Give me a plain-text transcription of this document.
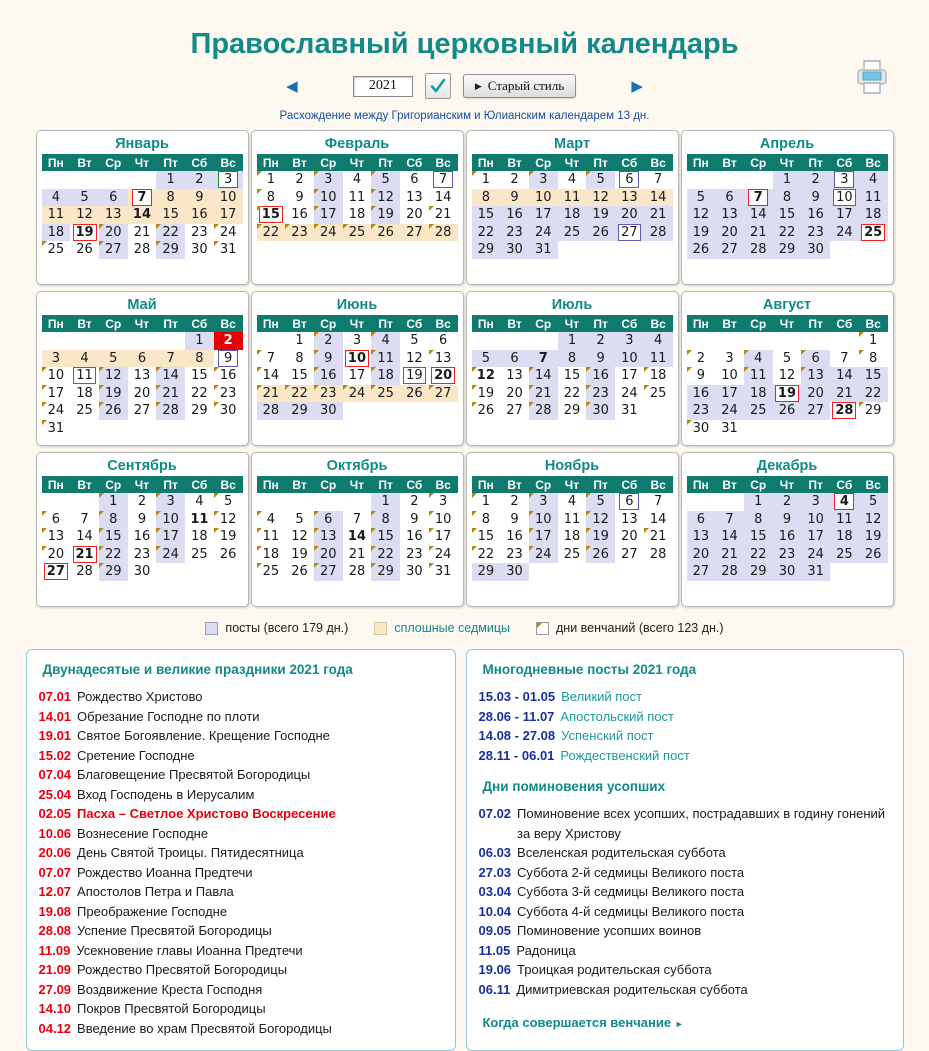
Православный церковный календарь
◀
2021	▶ Старый стиль	▶
Расхождение между Григорианским и Юлианским календарем 13 дн.
Январь
Пн	Вт	Ср	Чт	Пт	Сб	Вс
				1	2	3
4	5	6	7	8	9	10
11	12	13	14	15	16	17
18	19	20	21	22	23	24
25	26	27	28	29	30	31

Февраль
Пн	Вт	Ср	Чт	Пт	Сб	Вс
1	2	3	4	5	6	7
8	9	10	11	12	13	14
15	16	17	18	19	20	21
22	23	24	25	26	27	28

Март
Пн	Вт	Ср	Чт	Пт	Сб	Вс
1	2	3	4	5	6	7
8	9	10	11	12	13	14
15	16	17	18	19	20	21
22	23	24	25	26	27	28
29	30	31				

Апрель
Пн	Вт	Ср	Чт	Пт	Сб	Вс
			1	2	3	4
5	6	7	8	9	10	11
12	13	14	15	16	17	18
19	20	21	22	23	24	25
26	27	28	29	30		

Май
Пн	Вт	Ср	Чт	Пт	Сб	Вс
					1	2
3	4	5	6	7	8	9
10	11	12	13	14	15	16
17	18	19	20	21	22	23
24	25	26	27	28	29	30
31						
Июнь
Пн	Вт	Ср	Чт	Пт	Сб	Вс
	1	2	3	4	5	6
7	8	9	10	11	12	13
14	15	16	17	18	19	20
21	22	23	24	25	26	27
28	29	30				

Июль
Пн	Вт	Ср	Чт	Пт	Сб	Вс
			1	2	3	4
5	6	7	8	9	10	11
12	13	14	15	16	17	18
19	20	21	22	23	24	25
26	27	28	29	30	31	

Август
Пн	Вт	Ср	Чт	Пт	Сб	Вс
						1
2	3	4	5	6	7	8
9	10	11	12	13	14	15
16	17	18	19	20	21	22
23	24	25	26	27	28	29
30	31					
Сентябрь
Пн	Вт	Ср	Чт	Пт	Сб	Вс
		1	2	3	4	5
6	7	8	9	10	11	12
13	14	15	16	17	18	19
20	21	22	23	24	25	26
27	28	29	30			

Октябрь
Пн	Вт	Ср	Чт	Пт	Сб	Вс
				1	2	3
4	5	6	7	8	9	10
11	12	13	14	15	16	17
18	19	20	21	22	23	24
25	26	27	28	29	30	31

Ноябрь
Пн	Вт	Ср	Чт	Пт	Сб	Вс
1	2	3	4	5	6	7
8	9	10	11	12	13	14
15	16	17	18	19	20	21
22	23	24	25	26	27	28
29	30					

Декабрь
Пн	Вт	Ср	Чт	Пт	Сб	Вс
		1	2	3	4	5
6	7	8	9	10	11	12
13	14	15	16	17	18	19
20	21	22	23	24	25	26
27	28	29	30	31		

посты (всего 179 дн.)	сплошные седмицы	дни венчаний (всего 123 дн.)
Двунадесятые и великие праздники 2021 года
07.01 Рождество Христово
14.01 Обрезание Господне по плоти
19.01 Святое Богоявление. Крещение Господне
15.02 Сретение Господне
07.04 Благовещение Пресвятой Богородицы
25.04 Вход Господень в Иерусалим
02.05 Пасха – Светлое Христово Воскресение
10.06 Вознесение Господне
20.06 День Святой Троицы. Пятидесятница
07.07 Рождество Иоанна Предтечи
12.07 Апостолов Петра и Павла
19.08 Преображение Господне
28.08 Успение Пресвятой Богородицы
11.09 Усекновение главы Иоанна Предтечи
21.09 Рождество Пресвятой Богородицы
27.09 Воздвижение Креста Господня
14.10 Покров Пресвятой Богородицы
04.12 Введение во храм Пресвятой Богородицы
Многодневные посты 2021 года
15.03 - 01.05 Великий пост
28.06 - 11.07 Апостольский пост
14.08 - 27.08 Успенский пост
28.11 - 06.01 Рождественский пост
Дни поминовения усопших
07.02 Поминовение всех усопших, пострадавших в годину гонений за веру Христову
06.03 Вселенская родительская суббота
27.03 Суббота 2-й седмицы Великого поста
03.04 Суббота 3-й седмицы Великого поста
10.04 Суббота 4-й седмицы Великого поста
09.05 Поминовение усопших воинов
11.05 Радоница
19.06 Троицкая родительская суббота
06.11 Димитриевская родительская суббота
Когда совершается венчание ►
